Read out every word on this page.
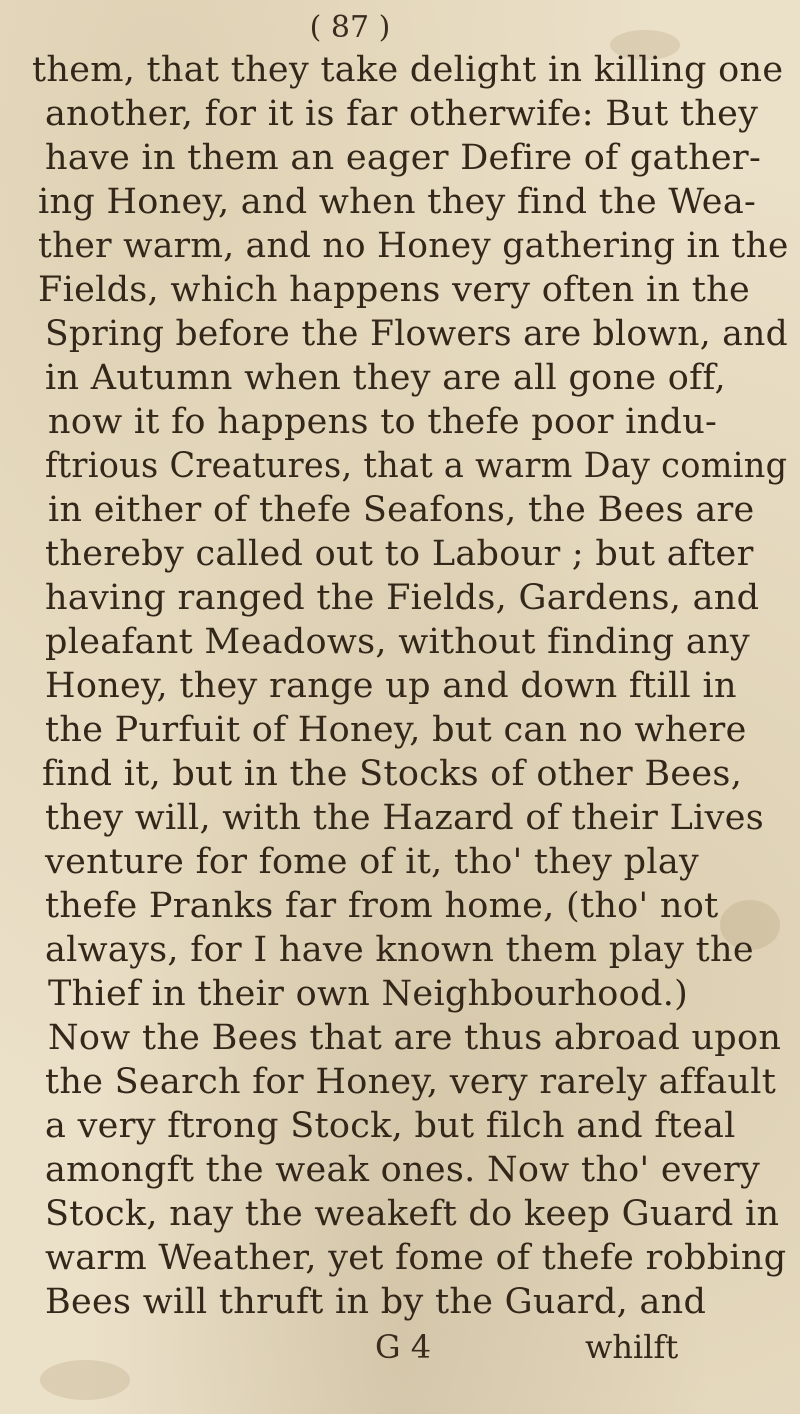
( 87 )
them, that they take delight in killing one
another, for it is far otherwife: But they
have in them an eager Defire of gather-
ing Honey, and when they find the Wea-
ther warm, and no Honey gathering in the
Fields, which happens very often in the
Spring before the Flowers are blown, and
in Autumn when they are all gone off,
now it fo happens to thefe poor indu-
ftrious Creatures, that a warm Day coming
in either of thefe Seafons, the Bees are
thereby called out to Labour ; but after
having ranged the Fields, Gardens, and
pleafant Meadows, without finding any
Honey, they range up and down ftill in
the Purfuit of Honey, but can no where
find it, but in the Stocks of other Bees,
they will, with the Hazard of their Lives
venture for fome of it, tho' they play
thefe Pranks far from home, (tho' not
always, for I have known them play the
Thief in their own Neighbourhood.)
Now the Bees that are thus abroad upon
the Search for Honey, very rarely affault
a very ftrong Stock, but filch and fteal
amongft the weak ones. Now tho' every
Stock, nay the weakeft do keep Guard in
warm Weather, yet fome of thefe robbing
Bees will thruft in by the Guard, and
G 4	whilft
